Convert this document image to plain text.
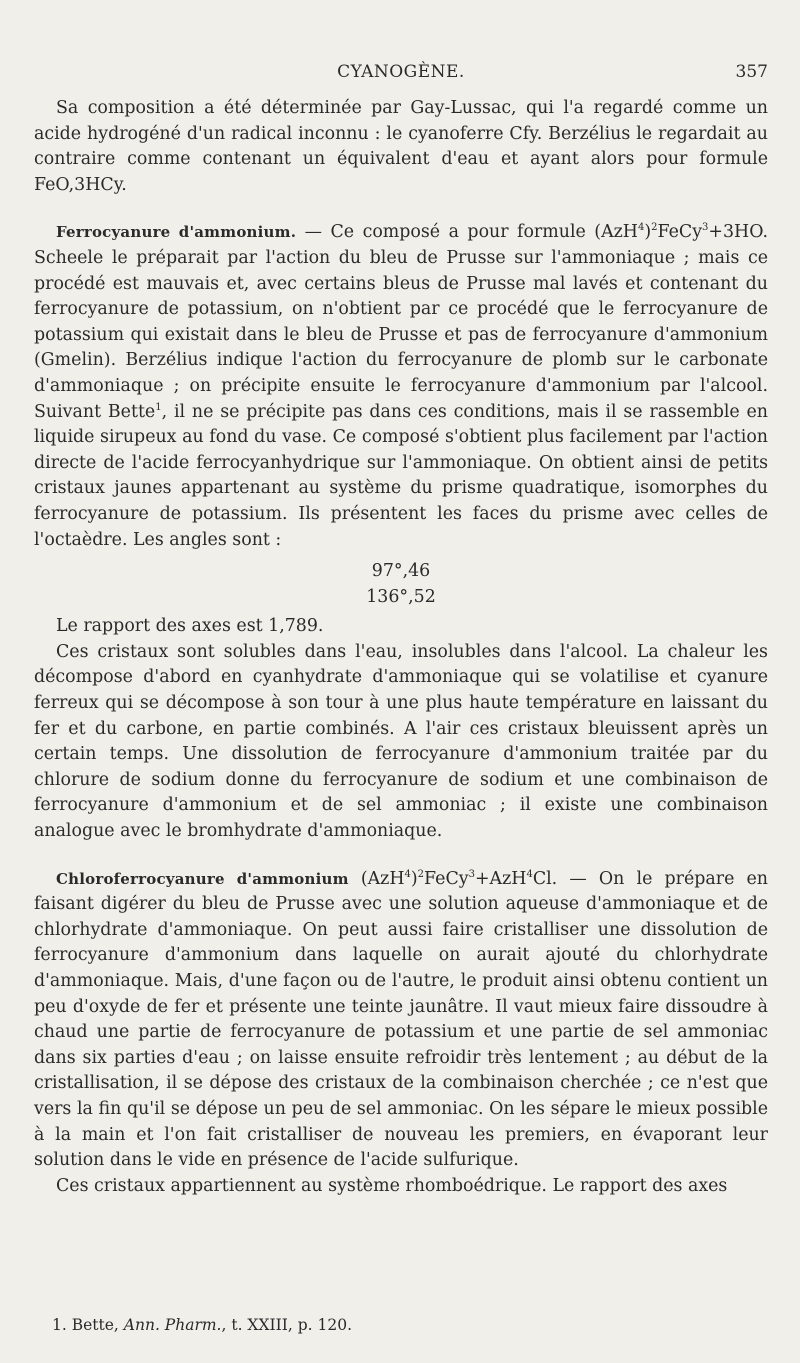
CYANOGÈNE.	357

Sa composition a été déterminée par Gay-Lussac, qui l'a regardé comme un acide hydrogéné d'un radical inconnu : le cyanoferre Cfy. Berzélius le regardait au contraire comme contenant un équivalent d'eau et ayant alors pour formule FeO,3HCy.

Ferrocyanure d'ammonium. — Ce composé a pour formule $(AzH^4)^2FeCy^3+3HO$. Scheele le préparait par l'action du bleu de Prusse sur l'ammoniaque ; mais ce procédé est mauvais et, avec certains bleus de Prusse mal lavés et contenant du ferrocyanure de potassium, on n'obtient par ce procédé que le ferrocyanure de potassium qui existait dans le bleu de Prusse et pas de ferrocyanure d'ammonium (Gmelin). Berzélius indique l'action du ferrocyanure de plomb sur le carbonate d'ammoniaque ; on précipite ensuite le ferrocyanure d'ammonium par l'alcool. Suivant Bette$^1$, il ne se précipite pas dans ces conditions, mais il se rassemble en liquide sirupeux au fond du vase. Ce composé s'obtient plus facilement par l'action directe de l'acide ferrocyanhydrique sur l'ammoniaque. On obtient ainsi de petits cristaux jaunes appartenant au système du prisme quadratique, isomorphes du ferrocyanure de potassium. Ils présentent les faces du prisme avec celles de l'octaèdre. Les angles sont :

97°,46
136°,52

Le rapport des axes est 1,789.

Ces cristaux sont solubles dans l'eau, insolubles dans l'alcool. La chaleur les décompose d'abord en cyanhydrate d'ammoniaque qui se volatilise et cyanure ferreux qui se décompose à son tour à une plus haute température en laissant du fer et du carbone, en partie combinés. A l'air ces cristaux bleuissent après un certain temps. Une dissolution de ferrocyanure d'ammonium traitée par du chlorure de sodium donne du ferrocyanure de sodium et une combinaison de ferrocyanure d'ammonium et de sel ammoniac ; il existe une combinaison analogue avec le bromhydrate d'ammoniaque.

Chloroferrocyanure d'ammonium $(AzH^4)^2FeCy^3+AzH^4Cl$. — On le prépare en faisant digérer du bleu de Prusse avec une solution aqueuse d'ammoniaque et de chlorhydrate d'ammoniaque. On peut aussi faire cristalliser une dissolution de ferrocyanure d'ammonium dans laquelle on aurait ajouté du chlorhydrate d'ammoniaque. Mais, d'une façon ou de l'autre, le produit ainsi obtenu contient un peu d'oxyde de fer et présente une teinte jaunâtre. Il vaut mieux faire dissoudre à chaud une partie de ferrocyanure de potassium et une partie de sel ammoniac dans six parties d'eau ; on laisse ensuite refroidir très lentement ; au début de la cristallisation, il se dépose des cristaux de la combinaison cherchée ; ce n'est que vers la fin qu'il se dépose un peu de sel ammoniac. On les sépare le mieux possible à la main et l'on fait cristalliser de nouveau les premiers, en évaporant leur solution dans le vide en présence de l'acide sulfurique.

Ces cristaux appartiennent au système rhomboédrique. Le rapport des axes

1. Bette, Ann. Pharm., t. XXIII, p. 120.
